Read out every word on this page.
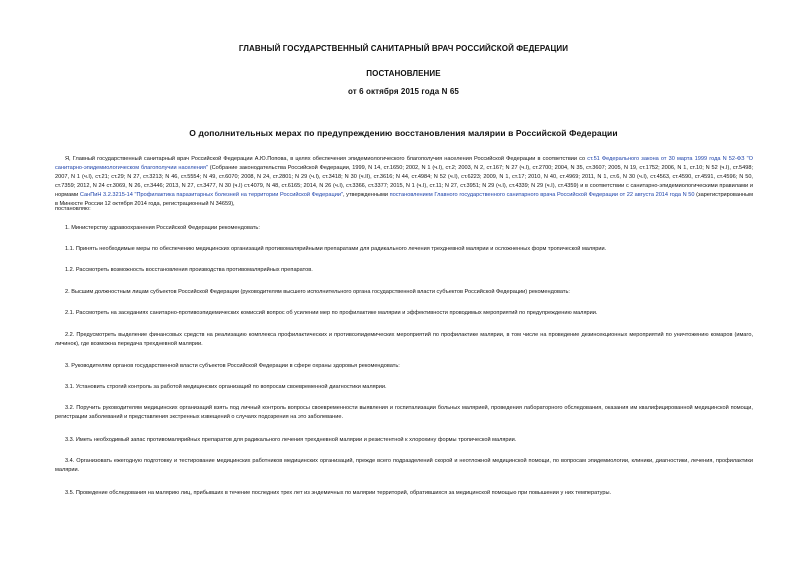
ГЛАВНЫЙ ГОСУДАРСТВЕННЫЙ САНИТАРНЫЙ ВРАЧ РОССИЙСКОЙ ФЕДЕРАЦИИ
ПОСТАНОВЛЕНИЕ
от 6 октября 2015 года N 65
О дополнительных мерах по предупреждению восстановления малярии в Российской Федерации
Я, Главный государственный санитарный врач Российской Федерации А.Ю.Попова, в целях обеспечения эпидемиологического благополучия населения Российской Федерации в соответствии со ст.51 Федерального закона от 30 марта 1999 года N 52-ФЗ "О санитарно-эпидемиологическом благополучии населения" (Собрание законодательства Российской Федерации, 1999, N 14, ст.1650; 2002, N 1 (ч.I), ст.2; 2003, N 2, ст.167; N 27 (ч.I), ст.2700; 2004, N 35, ст.3607; 2005, N 19, ст.1752; 2006, N 1, ст.10; N 52 (ч.I), ст.5498; 2007, N 1 (ч.I), ст.21; ст.29; N 27, ст.3213; N 46, ст.5554; N 49, ст.6070; 2008, N 24, ст.2801; N 29 (ч.I), ст.3418; N 30 (ч.II), ст.3616; N 44, ст.4984; N 52 (ч.I), ст.6223; 2009, N 1, ст.17; 2010, N 40, ст.4969; 2011, N 1, ст.6, N 30 (ч.I), ст.4563, ст.4590, ст.4591, ст.4596; N 50, ст.7359; 2012, N 24 ст.3069, N 26, ст.3446; 2013, N 27, ст.3477, N 30 (ч.I) ст.4079, N 48, ст.6165; 2014, N 26 (ч.I), ст.3366, ст.3377; 2015, N 1 (ч.I), ст.11; N 27, ст.3951; N 29 (ч.I), ст.4339; N 29 (ч.I), ст.4359) и в соответствии с санитарно-эпидемиологическими правилами и нормами СанПиН 3.2.3215-14 "Профилактика паразитарных болезней на территории Российской Федерации", утвержденными постановлением Главного государственного санитарного врача Российской Федерации от 22 августа 2014 года N 50 (зарегистрированным в Минюсте России 12 октября 2014 года, регистрационный N 34659),
постановляю:
1. Министерству здравоохранения Российской Федерации рекомендовать:
1.1. Принять необходимые меры по обеспечению медицинских организаций противомалярийными препаратами для радикального лечения трехдневной малярии и осложненных форм тропической малярии.
1.2. Рассмотреть возможность восстановления производства противомалярийных препаратов.
2. Высшим должностным лицам субъектов Российской Федерации (руководителям высшего исполнительного органа государственной власти субъектов Российской Федерации) рекомендовать:
2.1. Рассмотреть на заседаниях санитарно-противоэпидемических комиссий вопрос об усилении мер по профилактике малярии и эффективности проводимых мероприятий по предупреждению малярии.
2.2. Предусмотреть выделение финансовых средств на реализацию комплекса профилактических и противоэпидемических мероприятий по профилактике малярии, в том числе на проведение дезинсекционных мероприятий по уничтожению комаров (имаго, личинок), где возможна передача трехдневной малярии.
3. Руководителям органов государственной власти субъектов Российской Федерации в сфере охраны здоровья рекомендовать:
3.1. Установить строгий контроль за работой медицинских организаций по вопросам своевременной диагностики малярии.
3.2. Поручить руководителям медицинских организаций взять под личный контроль вопросы своевременности выявления и госпитализации больных малярией, проведения лабораторного обследования, оказания им квалифицированной медицинской помощи, регистрации заболеваний и представления экстренных извещений о случаях подозрения на это заболевание.
3.3. Иметь необходимый запас противомалярийных препаратов для радикального лечения трехдневной малярии и резистентной к хлорохину формы тропической малярии.
3.4. Организовать ежегодную подготовку и тестирование медицинских работников медицинских организаций, прежде всего подразделений скорой и неотложной медицинской помощи, по вопросам эпидемиологии, клиники, диагностики, лечения, профилактики малярии.
3.5. Проведение обследования на малярию лиц, прибывших в течение последних трех лет из эндемичных по малярии территорий, обратившихся за медицинской помощью при повышении у них температуры.
